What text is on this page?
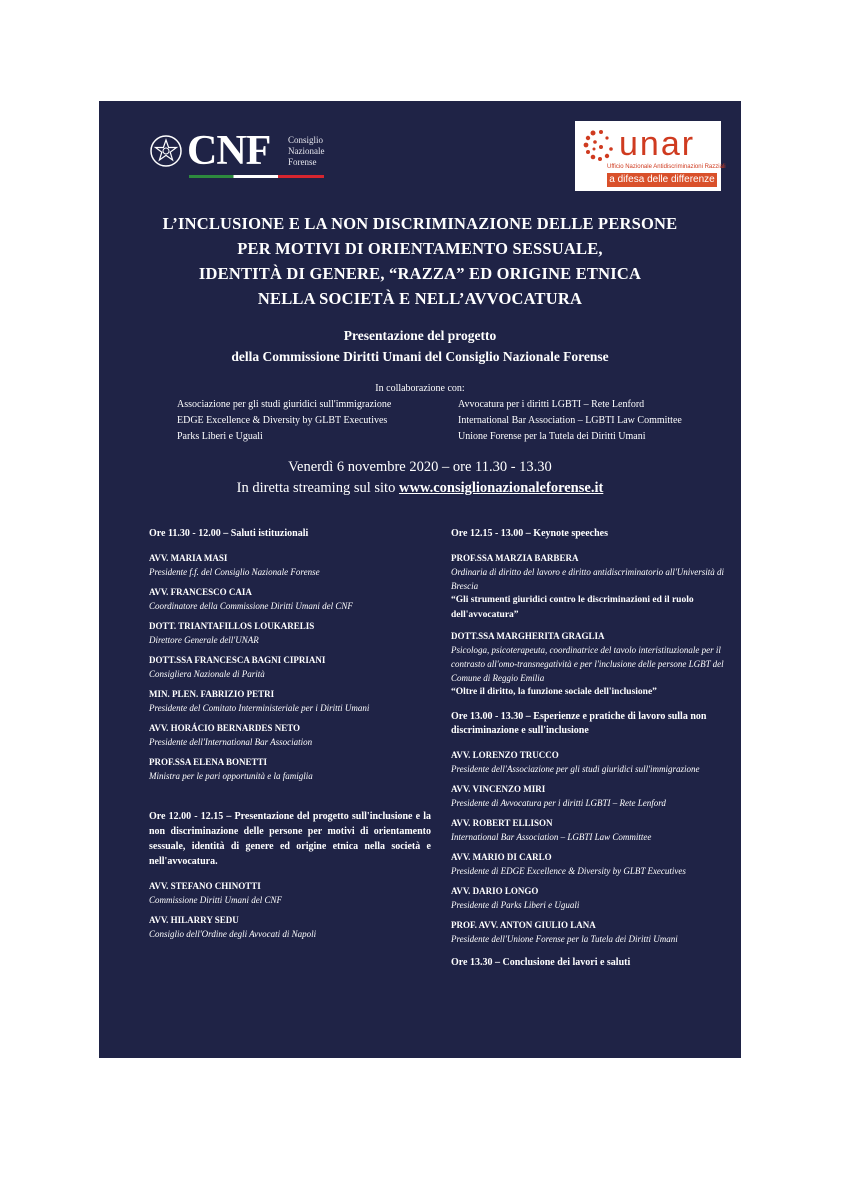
CNF Consiglio
Nazionale
Forense	unar
Ufficio Nazionale Antidiscriminazioni Razziali
a difesa delle differenze
L’INCLUSIONE E LA NON DISCRIMINAZIONE DELLE PERSONE
PER MOTIVI DI ORIENTAMENTO SESSUALE,
IDENTITÀ DI GENERE, “RAZZA” ED ORIGINE ETNICA
NELLA SOCIETÀ E NELL’AVVOCATURA
Presentazione del progetto
della Commissione Diritti Umani del Consiglio Nazionale Forense
In collaborazione con:
Associazione per gli studi giuridici sull'immigrazione
EDGE Excellence & Diversity by GLBT Executives
Parks Liberi e Uguali
Avvocatura per i diritti LGBTI – Rete Lenford
International Bar Association – LGBTI Law Committee
Unione Forense per la Tutela dei Diritti Umani
Venerdì 6 novembre 2020 – ore 11.30 - 13.30
In diretta streaming sul sito www.consiglionazionaleforense.it
Ore 11.30 - 12.00 – Saluti istituzionali
AVV. MARIA MASI
Presidente f.f. del Consiglio Nazionale Forense
AVV. FRANCESCO CAIA
Coordinatore della Commissione Diritti Umani del CNF
DOTT. TRIANTAFILLOS LOUKARELIS
Direttore Generale dell'UNAR
DOTT.SSA FRANCESCA BAGNI CIPRIANI
Consigliera Nazionale di Parità
MIN. PLEN. FABRIZIO PETRI
Presidente del Comitato Interministeriale per i Diritti Umani
AVV. HORÁCIO BERNARDES NETO
Presidente dell'International Bar Association
PROF.SSA ELENA BONETTI
Ministra per le pari opportunità e la famiglia
Ore 12.00 - 12.15 – Presentazione del progetto sull'inclusione e la non discriminazione delle persone per motivi di orientamento sessuale, identità di genere ed origine etnica nella società e nell'avvocatura.
AVV. STEFANO CHINOTTI
Commissione Diritti Umani del CNF
AVV. HILARRY SEDU
Consiglio dell'Ordine degli Avvocati di Napoli
Ore 12.15 - 13.00 – Keynote speeches
PROF.SSA MARZIA BARBERA
Ordinaria di diritto del lavoro e diritto antidiscriminatorio all'Università di Brescia
“Gli strumenti giuridici contro le discriminazioni ed il ruolo dell'avvocatura”
DOTT.SSA MARGHERITA GRAGLIA
Psicologa, psicoterapeuta, coordinatrice del tavolo interistituzionale per il contrasto all'omo-transnegatività e per l'inclusione delle persone LGBT del Comune di Reggio Emilia
“Oltre il diritto, la funzione sociale dell'inclusione”
Ore 13.00 - 13.30 – Esperienze e pratiche di lavoro sulla non discriminazione e sull'inclusione
AVV. LORENZO TRUCCO
Presidente dell'Associazione per gli studi giuridici sull'immigrazione
AVV. VINCENZO MIRI
Presidente di Avvocatura per i diritti LGBTI – Rete Lenford
AVV. ROBERT ELLISON
International Bar Association – LGBTI Law Committee
AVV. MARIO DI CARLO
Presidente di EDGE Excellence & Diversity by GLBT Executives
AVV. DARIO LONGO
Presidente di Parks Liberi e Uguali
PROF. AVV. ANTON GIULIO LANA
Presidente dell'Unione Forense per la Tutela dei Diritti Umani
Ore 13.30 – Conclusione dei lavori e saluti
